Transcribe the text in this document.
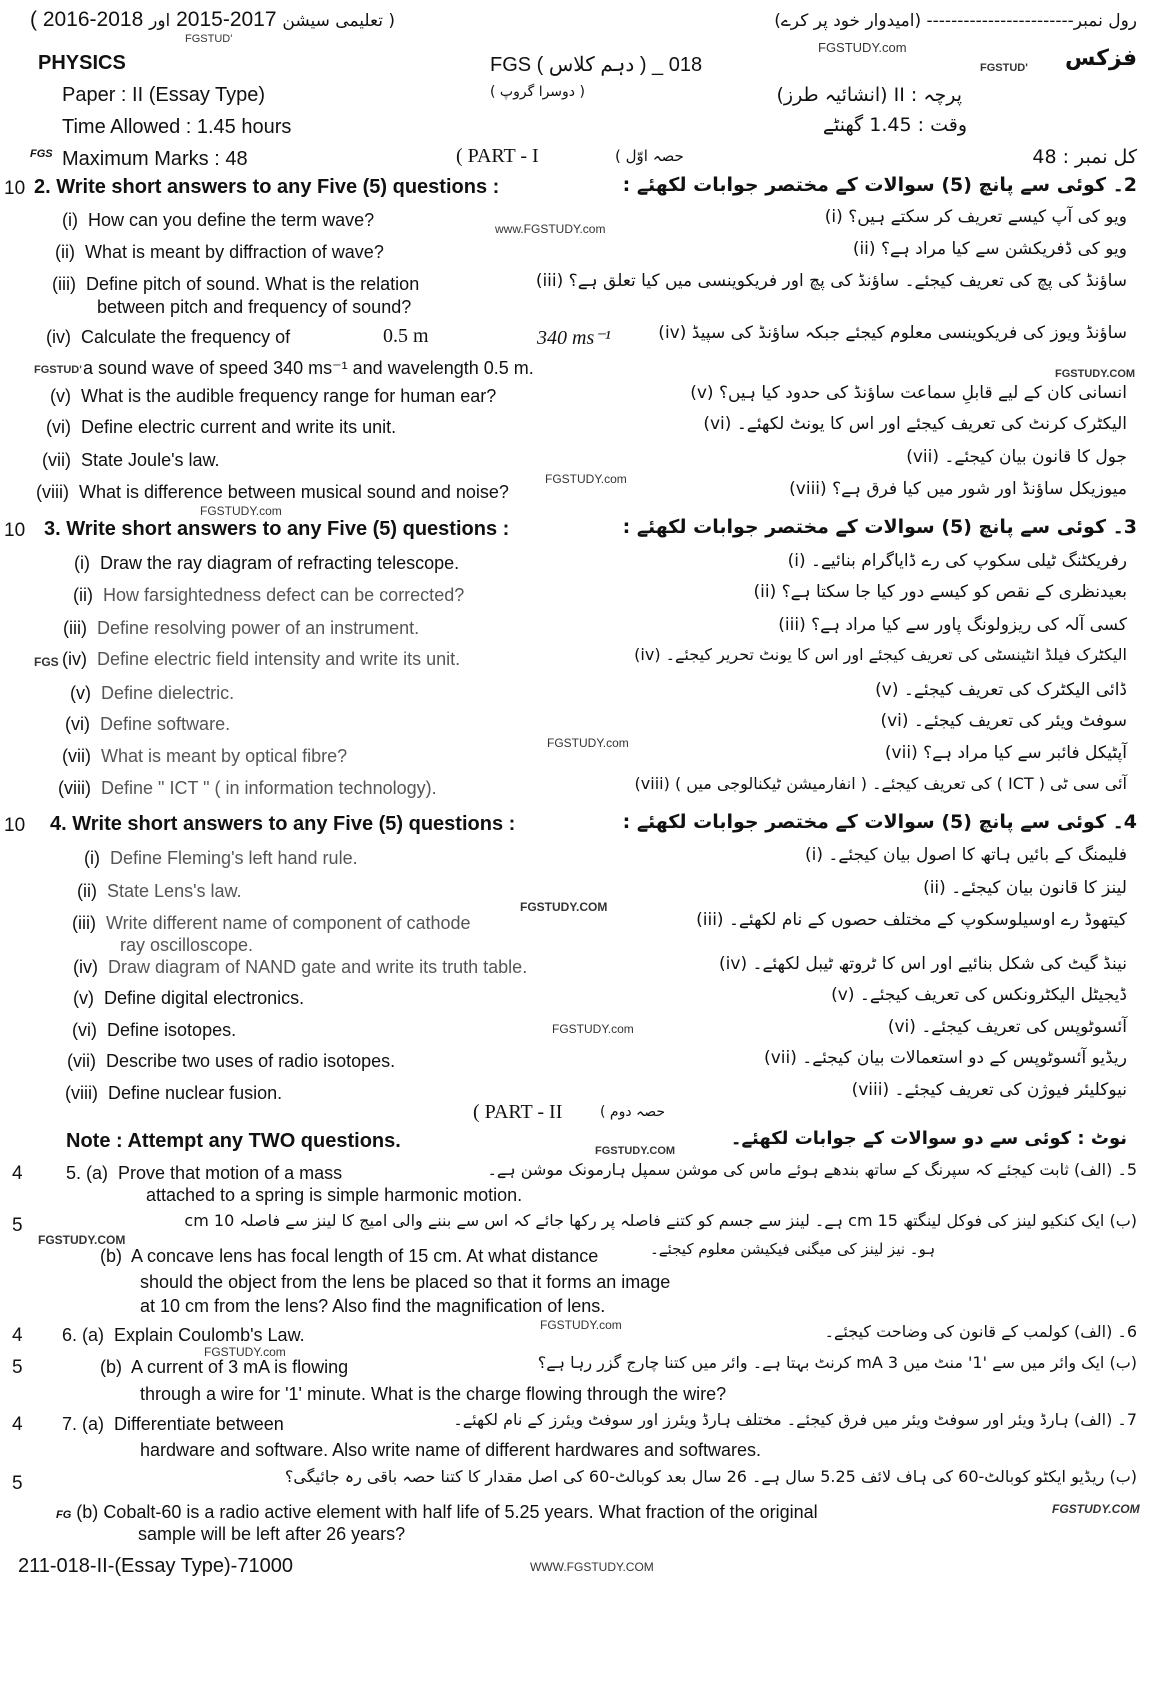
( 2016-2018 اور 2015-2017 ( تعلیمی سیشن	رول نمبر------------------------ (امیدوار خود پر کرے)
FGSTUD'
PHYSICS	FGS ( دہم کلاس ) _ 018
FGSTUDY.com
FGSTUD' فزکس
Paper : II (Essay Type)	( دوسرا گروپ )	پرچہ : II (انشائیہ طرز)
Time Allowed : 1.45 hours	وقت : 1.45 گھنٹے
FGS Maximum Marks : 48	( PART - I	حصہ اوّل )	کل نمبر : 48
10 2. Write short answers to any Five (5) questions :	2۔ کوئی سے پانچ (5) سوالات کے مختصر جوابات لکھئے :
(i) How can you define the term wave?	ویو کی آپ کیسے تعریف کر سکتے ہیں؟ (i)
www.FGSTUDY.com
(ii) What is meant by diffraction of wave?	ویو کی ڈفریکشن سے کیا مراد ہے؟ (ii)
(iii) Define pitch of sound. What is the relation
between pitch and frequency of sound?
ساؤنڈ کی پچ کی تعریف کیجئے۔ ساؤنڈ کی پچ اور فریکوینسی میں کیا تعلق ہے؟ (iii)
(iv) Calculate the frequency of	0.5 m	340 ms⁻¹	ساؤنڈ ویوز کی فریکوینسی معلوم کیجئے جبکہ ساؤنڈ کی سپیڈ (iv)
FGSTUD' a sound wave of speed 340 ms⁻¹ and wavelength 0.5 m.	FGSTUDY.COM
(v) What is the audible frequency range for human ear?	انسانی کان کے لیے قابلِ سماعت ساؤنڈ کی حدود کیا ہیں؟ (v)
(vi) Define electric current and write its unit.	الیکٹرک کرنٹ کی تعریف کیجئے اور اس کا یونٹ لکھئے۔ (vi)
(vii) State Joule's law.	جول کا قانون بیان کیجئے۔ (vii)
FGSTUDY.com
(viii) What is difference between musical sound and noise?	میوزیکل ساؤنڈ اور شور میں کیا فرق ہے؟ (viii)
FGSTUDY.com
10 3. Write short answers to any Five (5) questions :	3۔ کوئی سے پانچ (5) سوالات کے مختصر جوابات لکھئے :
(i) Draw the ray diagram of refracting telescope.	رفریکٹنگ ٹیلی سکوپ کی رے ڈایاگرام بنائیے۔ (i)
(ii) How farsightedness defect can be corrected?	بعیدنظری کے نقص کو کیسے دور کیا جا سکتا ہے؟ (ii)
(iii) Define resolving power of an instrument.	کسی آلہ کی ریزولونگ پاور سے کیا مراد ہے؟ (iii)
FGS (iv) Define electric field intensity and write its unit.	الیکٹرک فیلڈ انٹینسٹی کی تعریف کیجئے اور اس کا یونٹ تحریر کیجئے۔ (iv)
(v) Define dielectric.	ڈائی الیکٹرک کی تعریف کیجئے۔ (v)
(vi) Define software.	سوفٹ ویئر کی تعریف کیجئے۔ (vi)
FGSTUDY.com
(vii) What is meant by optical fibre?	آپٹیکل فائبر سے کیا مراد ہے؟ (vii)
(viii) Define " ICT " ( in information technology).	آئی سی ٹی ( ICT ) کی تعریف کیجئے۔ ( انفارمیشن ٹیکنالوجی میں ) (viii)
10 4. Write short answers to any Five (5) questions :	4۔ کوئی سے پانچ (5) سوالات کے مختصر جوابات لکھئے :
(i) Define Fleming's left hand rule.	فلیمنگ کے بائیں ہاتھ کا اصول بیان کیجئے۔ (i)
(ii) State Lens's law.	لینز کا قانون بیان کیجئے۔ (ii)
FGSTUDY.COM
(iii) Write different name of component of cathode
ray oscilloscope.
کیتھوڈ رے اوسیلوسکوپ کے مختلف حصوں کے نام لکھئے۔ (iii)
(iv) Draw diagram of NAND gate and write its truth table.	نینڈ گیٹ کی شکل بنائیے اور اس کا ٹروتھ ٹیبل لکھئے۔ (iv)
(v) Define digital electronics.	ڈیجیٹل الیکٹرونکس کی تعریف کیجئے۔ (v)
(vi) Define isotopes.	FGSTUDY.com	آئسوٹوپس کی تعریف کیجئے۔ (vi)
(vii) Describe two uses of radio isotopes.	ریڈیو آئسوٹوپس کے دو استعمالات بیان کیجئے۔ (vii)
(viii) Define nuclear fusion.	نیوکلیئر فیوژن کی تعریف کیجئے۔ (viii)
( PART - II	حصہ دوم )
Note : Attempt any TWO questions.	FGSTUDY.COM
نوٹ : کوئی سے دو سوالات کے جوابات لکھئے۔
4 5. (a) Prove that motion of a mass
attached to a spring is simple harmonic motion.
5۔ (الف) ثابت کیجئے کہ سپرنگ کے ساتھ بندھے ہوئے ماس کی موشن سمپل ہارمونک موشن ہے۔
5
FGSTUDY.COM
(ب) ایک کنکیو لینز کی فوکل لینگتھ 15 cm ہے۔ لینز سے جسم کو کتنے فاصلہ پر رکھا جائے کہ اس سے بننے والی امیج کا لینز سے فاصلہ 10 cm
ہو۔ نیز لینز کی میگنی فیکیشن معلوم کیجئے۔
(b) A concave lens has focal length of 15 cm. At what distance
should the object from the lens be placed so that it forms an image
at 10 cm from the lens? Also find the magnification of lens.
4 6. (a) Explain Coulomb's Law.	FGSTUDY.com	6۔ (الف) کولمب کے قانون کی وضاحت کیجئے۔
5
FGSTUDY.com
(b) A current of 3 mA is flowing
through a wire for '1' minute. What is the charge flowing through the wire?
(ب) ایک وائر میں سے '1' منٹ میں 3 mA کرنٹ بہتا ہے۔ وائر میں کتنا چارج گزر رہا ہے؟
4 7. (a) Differentiate between
hardware and software. Also write name of different hardwares and softwares.
7۔ (الف) ہارڈ ویئر اور سوفٹ ویئر میں فرق کیجئے۔ مختلف ہارڈ ویئرز اور سوفٹ ویئرز کے نام لکھئے۔
5	(ب) ریڈیو ایکٹو کوبالٹ-60 کی ہاف لائف 5.25 سال ہے۔ 26 سال بعد کوبالٹ-60 کی اصل مقدار کا کتنا حصہ باقی رہ جائیگی؟
FG (b) Cobalt-60 is a radio active element with half life of 5.25 years. What fraction of the original	FGSTUDY.COM
sample will be left after 26 years?
211-018-II-(Essay Type)-71000	WWW.FGSTUDY.COM
